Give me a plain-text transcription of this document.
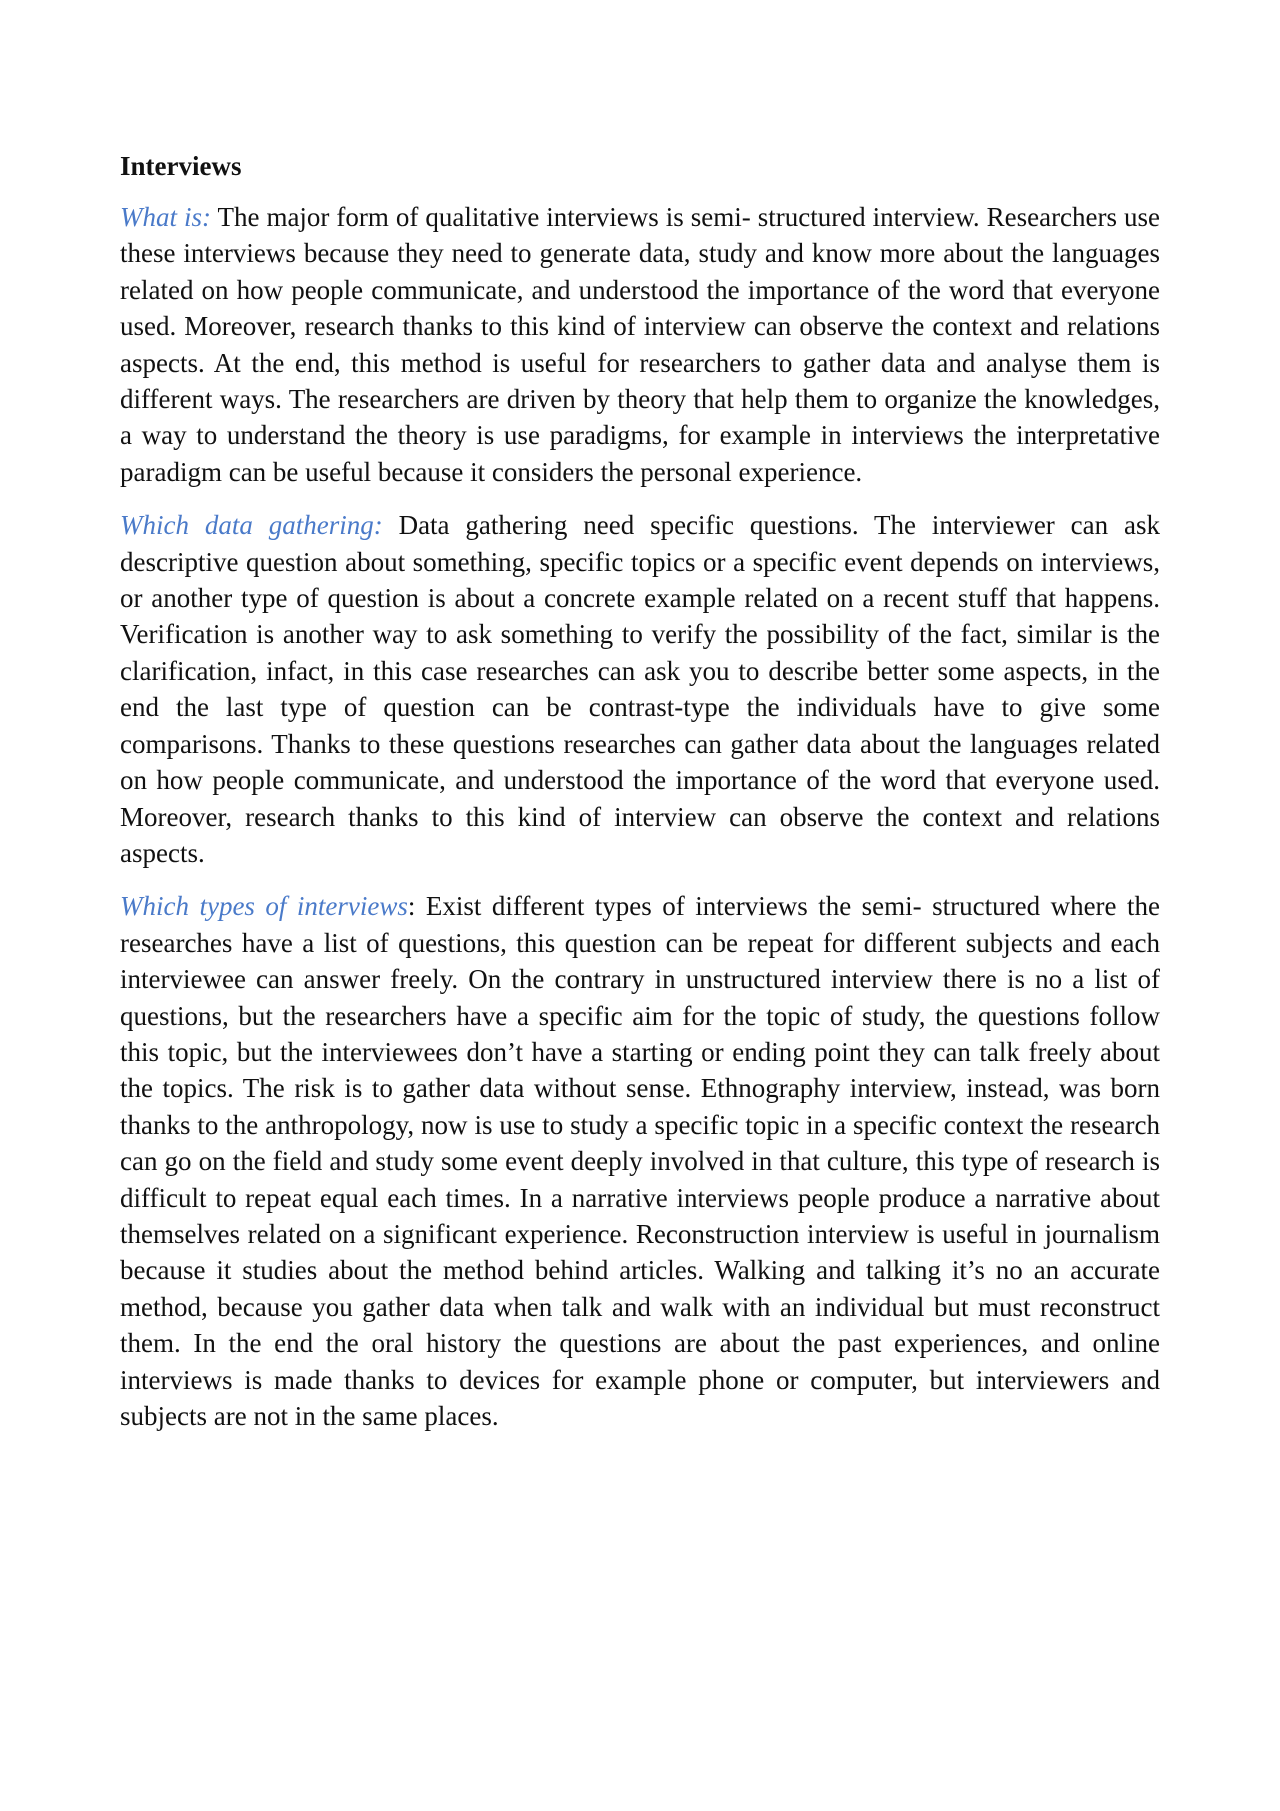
Interviews

What is: The major form of qualitative interviews is semi- structured interview. Researchers use these interviews because they need to generate data, study and know more about the languages related on how people communicate, and understood the importance of the word that everyone used. Moreover, research thanks to this kind of interview can observe the context and relations aspects. At the end, this method is useful for researchers to gather data and analyse them is different ways. The researchers are driven by theory that help them to organize the knowledges, a way to understand the theory is use paradigms, for example in interviews the interpretative paradigm can be useful because it considers the personal experience.

Which data gathering: Data gathering need specific questions. The interviewer can ask descriptive question about something, specific topics or a specific event depends on interviews, or another type of question is about a concrete example related on a recent stuff that happens. Verification is another way to ask something to verify the possibility of the fact, similar is the clarification, infact, in this case researches can ask you to describe better some aspects, in the end the last type of question can be contrast-type the individuals have to give some comparisons. Thanks to these questions researches can gather data about the languages related on how people communicate, and understood the importance of the word that everyone used. Moreover, research thanks to this kind of interview can observe the context and relations aspects.

Which types of interviews: Exist different types of interviews the semi- structured where the researches have a list of questions, this question can be repeat for different subjects and each interviewee can answer freely. On the contrary in unstructured interview there is no a list of questions, but the researchers have a specific aim for the topic of study, the questions follow this topic, but the interviewees don’t have a starting or ending point they can talk freely about the topics. The risk is to gather data without sense. Ethnography interview, instead, was born thanks to the anthropology, now is use to study a specific topic in a specific context the research can go on the field and study some event deeply involved in that culture, this type of research is difficult to repeat equal each times. In a narrative interviews people produce a narrative about themselves related on a significant experience. Reconstruction interview is useful in journalism because it studies about the method behind articles. Walking and talking it’s no an accurate method, because you gather data when talk and walk with an individual but must reconstruct them. In the end the oral history the questions are about the past experiences, and online interviews is made thanks to devices for example phone or computer, but interviewers and subjects are not in the same places.
